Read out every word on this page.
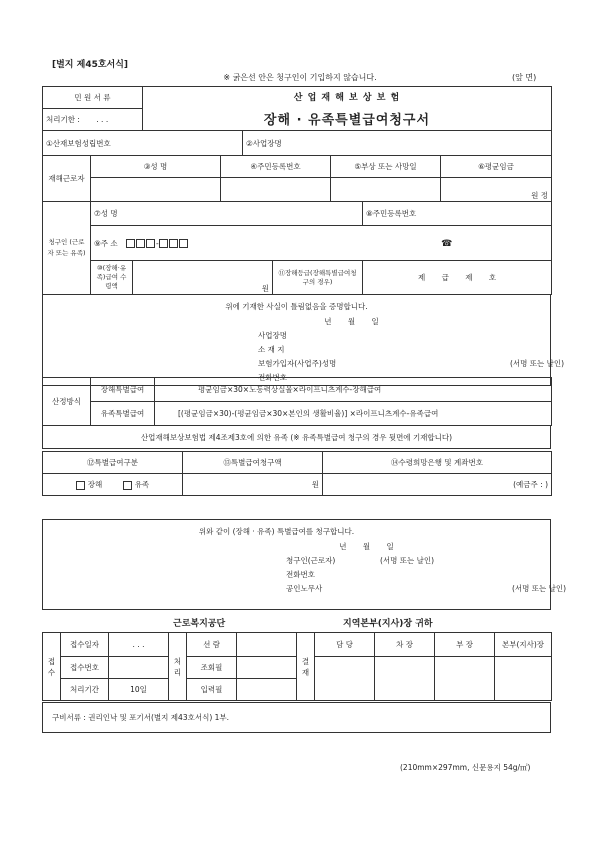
[별지 제45호서식]
※ 굵은선 안은 청구인이 기입하지 않습니다.	(앞 면)
민 원 서 류	산 업 재 해 보 상 보 험
장해 · 유족특별급여청구서

처리기한 : . . .
①산재보험성립번호	②사업장명
재해근로자	③성 명	④주민등록번호	⑤부상 또는 사망일	⑥평균임금
				원 정
청구인 (근로자 또는 유족)	⑦성 명			⑧주민등록번호
	⑨주 소 - ☎			
	⑩(장해·유족)급여 수령액	원	⑪장해등급(장해특별급여청구의 경우)	제 급 제 호
위에 기재한 사실이 틀림없음을 증명합니다.
년 월 일
사업장명
소 재 지
보험가입자(사업주)성명	(서명 또는 날인)
전화번호
산정방식	장해특별급여	평균임금×30×노동력상실율×라이프니츠계수-장해급여
	유족특별급여	[(평균임금×30)-(평균임금×30×본인의 생활비율)] ×라이프니츠계수-유족급여
산업재해보상보험법 제4조제3호에 의한 유족 (※ 유족특별급여 청구의 경우 뒷면에 기재합니다)
⑫특별급여구분	⑬특별급여청구액	⑭수령희망은행 및 계좌번호
장해 유족	원	(예금주 : )
위와 같이 (장해 · 유족) 특별급여를 청구합니다.
년 월 일
청구인(근로자)	(서명 또는 날인)
전화번호
공인노무사	(서명 또는 날인)
근로복지공단	지역본부(지사)장 귀하
접 수	접수일자	. . .	처 리	선 람		결 재	담 당	차 장	부 장	본부(지사)장
	접수번호			조회필						
	처리기간	10일		입력필						
구비서류 : 권리인낙 및 포기서(별지 제43호서식) 1부.
(210mm×297mm, 신문용지 54g/㎡)
